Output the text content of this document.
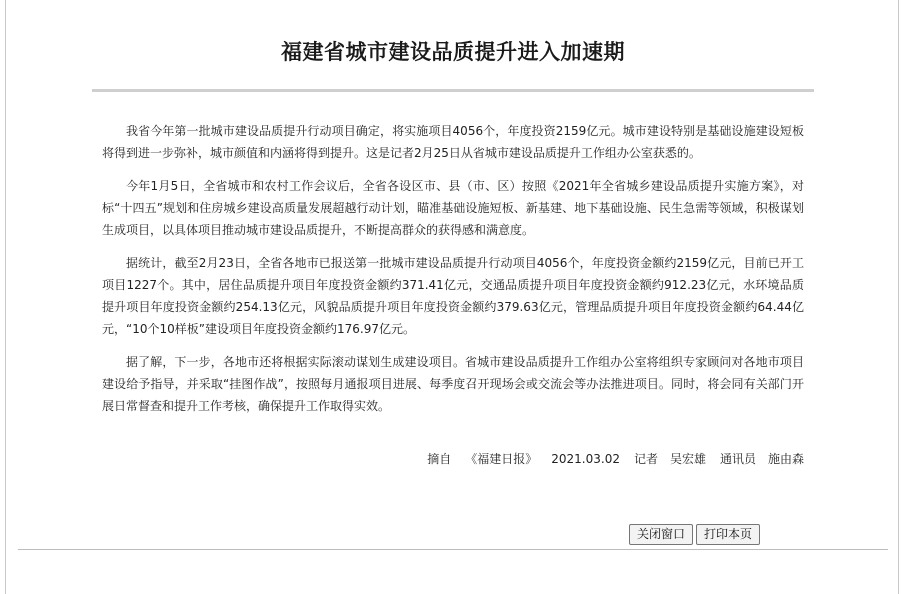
福建省城市建设品质提升进入加速期

我省今年第一批城市建设品质提升行动项目确定，将实施项目4056个，年度投资2159亿元。城市建设特别是基础设施建设短板将得到进一步弥补，城市颜值和内涵将得到提升。这是记者2月25日从省城市建设品质提升工作组办公室获悉的。

今年1月5日，全省城市和农村工作会议后，全省各设区市、县（市、区）按照《2021年全省城乡建设品质提升实施方案》，对标“十四五”规划和住房城乡建设高质量发展超越行动计划，瞄准基础设施短板、新基建、地下基础设施、民生急需等领域，积极谋划生成项目，以具体项目推动城市建设品质提升，不断提高群众的获得感和满意度。

据统计，截至2月23日，全省各地市已报送第一批城市建设品质提升行动项目4056个，年度投资金额约2159亿元，目前已开工项目1227个。其中，居住品质提升项目年度投资金额约371.41亿元，交通品质提升项目年度投资金额约912.23亿元，水环境品质提升项目年度投资金额约254.13亿元，风貌品质提升项目年度投资金额约379.63亿元，管理品质提升项目年度投资金额约64.44亿元，“10个10样板”建设项目年度投资金额约176.97亿元。

据了解，下一步，各地市还将根据实际滚动谋划生成建设项目。省城市建设品质提升工作组办公室将组织专家顾问对各地市项目建设给予指导，并采取“挂图作战”，按照每月通报项目进展、每季度召开现场会或交流会等办法推进项目。同时，将会同有关部门开展日常督查和提升工作考核，确保提升工作取得实效。

摘自 《福建日报》 2021.03.02 记者　吴宏雄 通讯员　施由森
关闭窗口 打印本页
